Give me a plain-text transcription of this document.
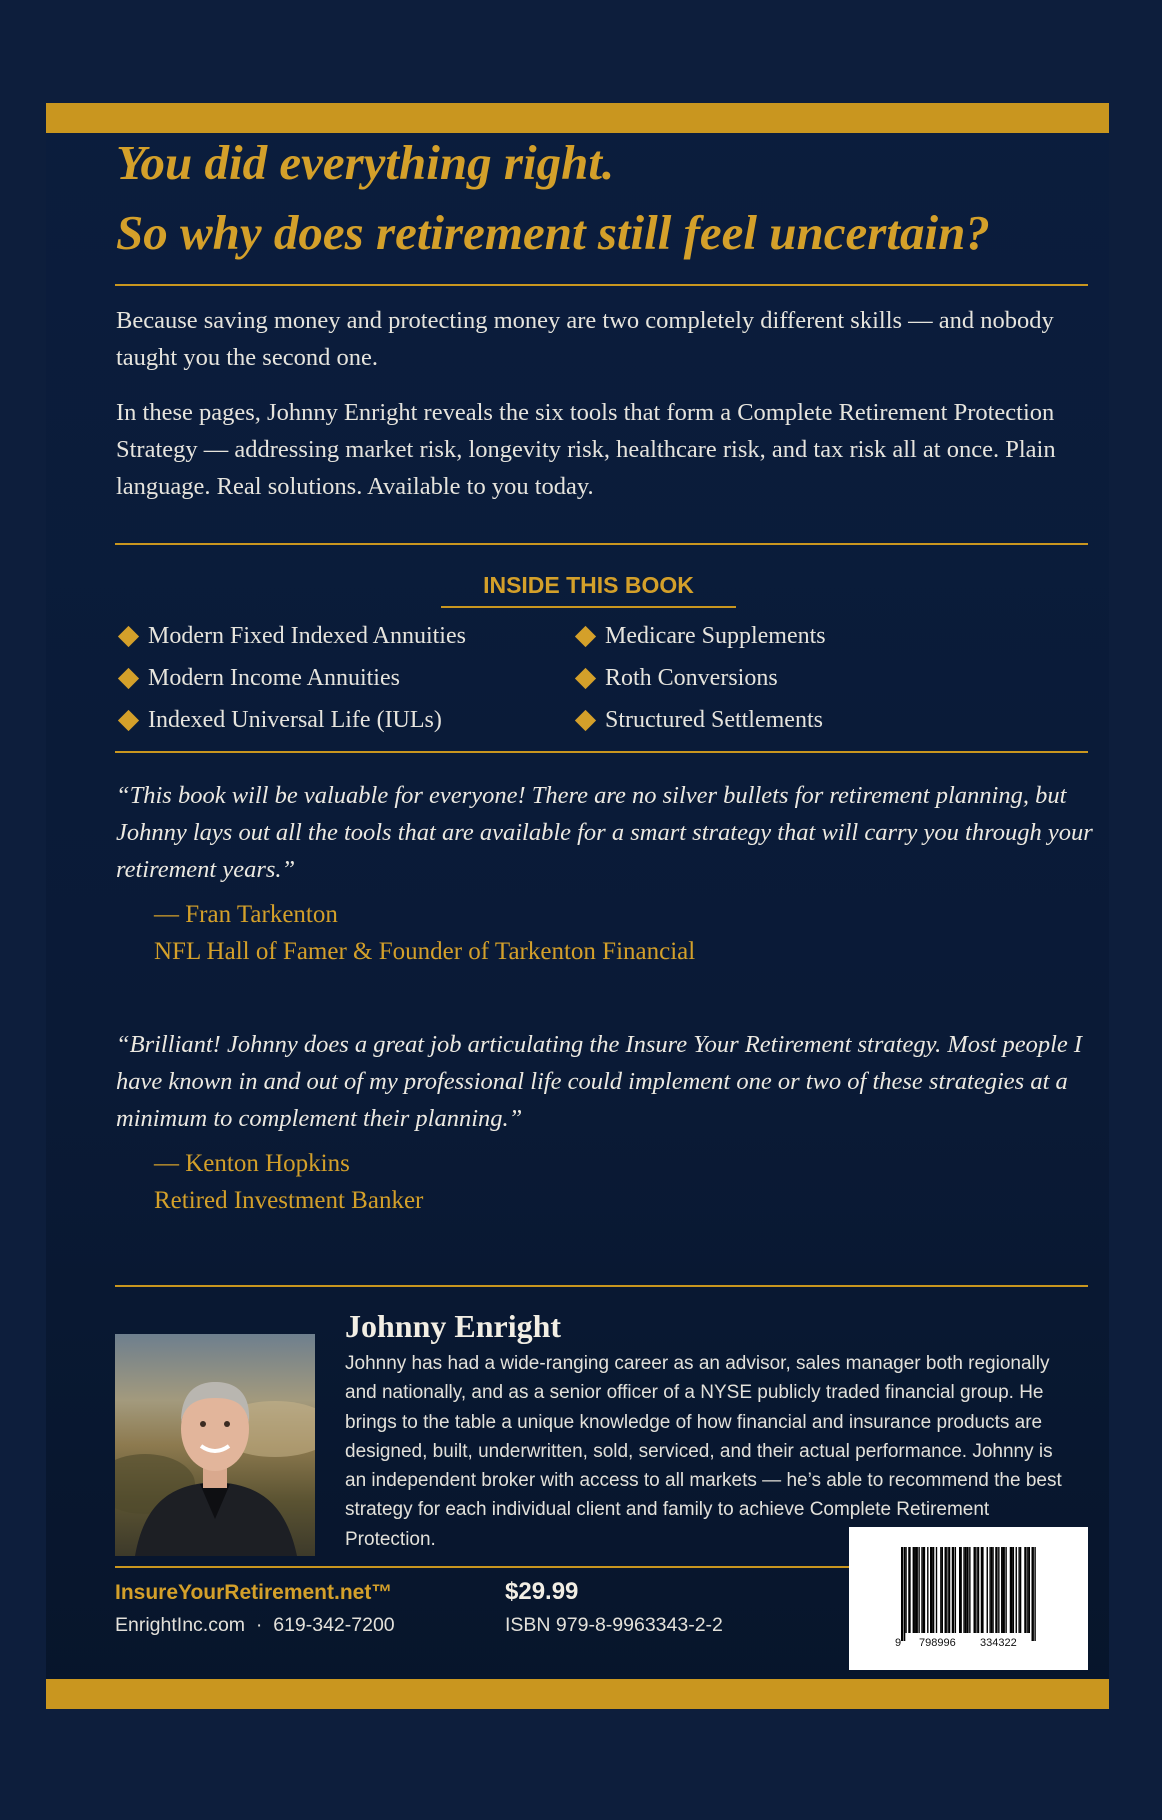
You did everything right.

So why does retirement still feel uncertain?

Because saving money and protecting money are two completely different skills — and nobody taught you the second one.

In these pages, Johnny Enright reveals the six tools that form a Complete Retirement Protection Strategy — addressing market risk, longevity risk, healthcare risk, and tax risk all at once. Plain language. Real solutions. Available to you today.

INSIDE THIS BOOK
Modern Fixed Indexed Annuities
Modern Income Annuities
Indexed Universal Life (IULs)
Medicare Supplements
Roth Conversions
Structured Settlements

“This book will be valuable for everyone! There are no silver bullets for retirement planning, but Johnny lays out all the tools that are available for a smart strategy that will carry you through your retirement years.”

— Fran Tarkenton

NFL Hall of Famer & Founder of Tarkenton Financial

“Brilliant! Johnny does a great job articulating the Insure Your Retirement strategy. Most people I have known in and out of my professional life could implement one or two of these strategies at a minimum to complement their planning.”

— Kenton Hopkins

Retired Investment Banker

Johnny Enright

Johnny has had a wide-ranging career as an advisor, sales manager both regionally and nationally, and as a senior officer of a NYSE publicly traded financial group. He brings to the table a unique knowledge of how financial and insurance products are designed, built, underwritten, sold, serviced, and their actual performance. Johnny is an independent broker with access to all markets — he’s able to recommend the best strategy for each individual client and family to achieve Complete Retirement Protection.

InsureYourRetirement.net™
EnrightInc.com  ·  619-342-7200
$29.99
ISBN 979-8-9963343-2-2
9 798996 334322
